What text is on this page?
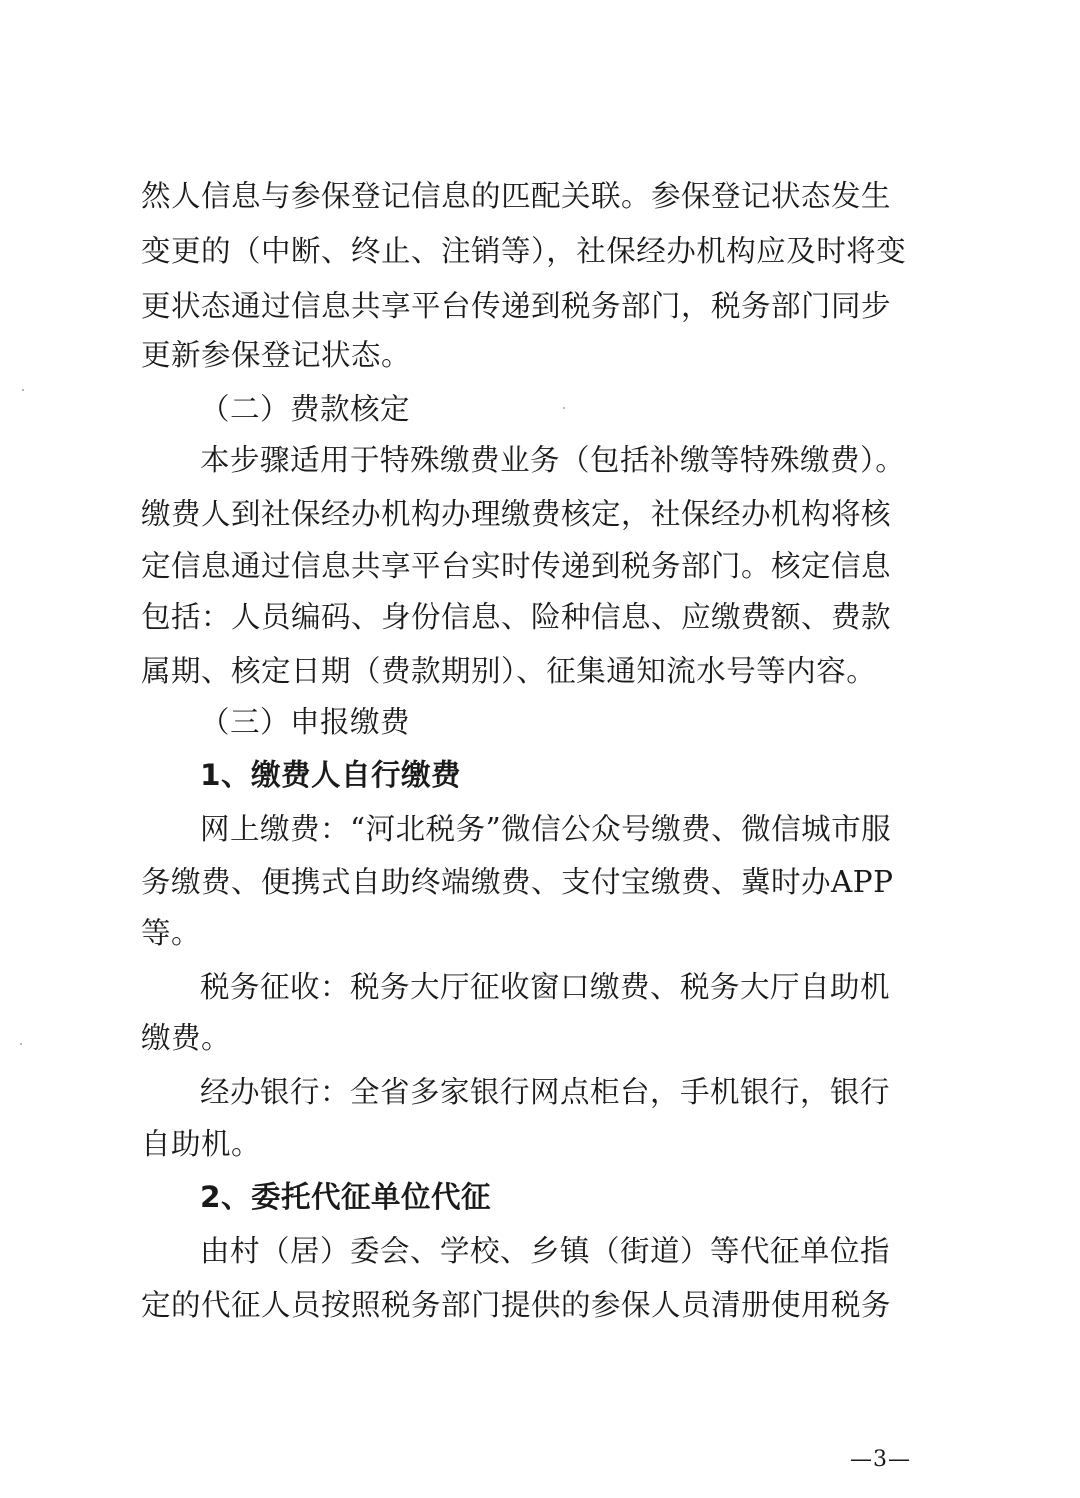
然人信息与参保登记信息的匹配关联。参保登记状态发生
变更的（中断、终止、注销等），社保经办机构应及时将变
更状态通过信息共享平台传递到税务部门，税务部门同步
更新参保登记状态。
（二）费款核定
本步骤适用于特殊缴费业务（包括补缴等特殊缴费）。
缴费人到社保经办机构办理缴费核定，社保经办机构将核
定信息通过信息共享平台实时传递到税务部门。核定信息
包括：人员编码、身份信息、险种信息、应缴费额、费款
属期、核定日期（费款期别）、征集通知流水号等内容。
（三）申报缴费
1、缴费人自行缴费
网上缴费：“河北税务”微信公众号缴费、微信城市服
务缴费、便携式自助终端缴费、支付宝缴费、冀时办APP
等。
税务征收：税务大厅征收窗口缴费、税务大厅自助机
缴费。
经办银行：全省多家银行网点柜台，手机银行，银行
自助机。
2、委托代征单位代征
由村（居）委会、学校、乡镇（街道）等代征单位指
定的代征人员按照税务部门提供的参保人员清册使用税务
—3—
